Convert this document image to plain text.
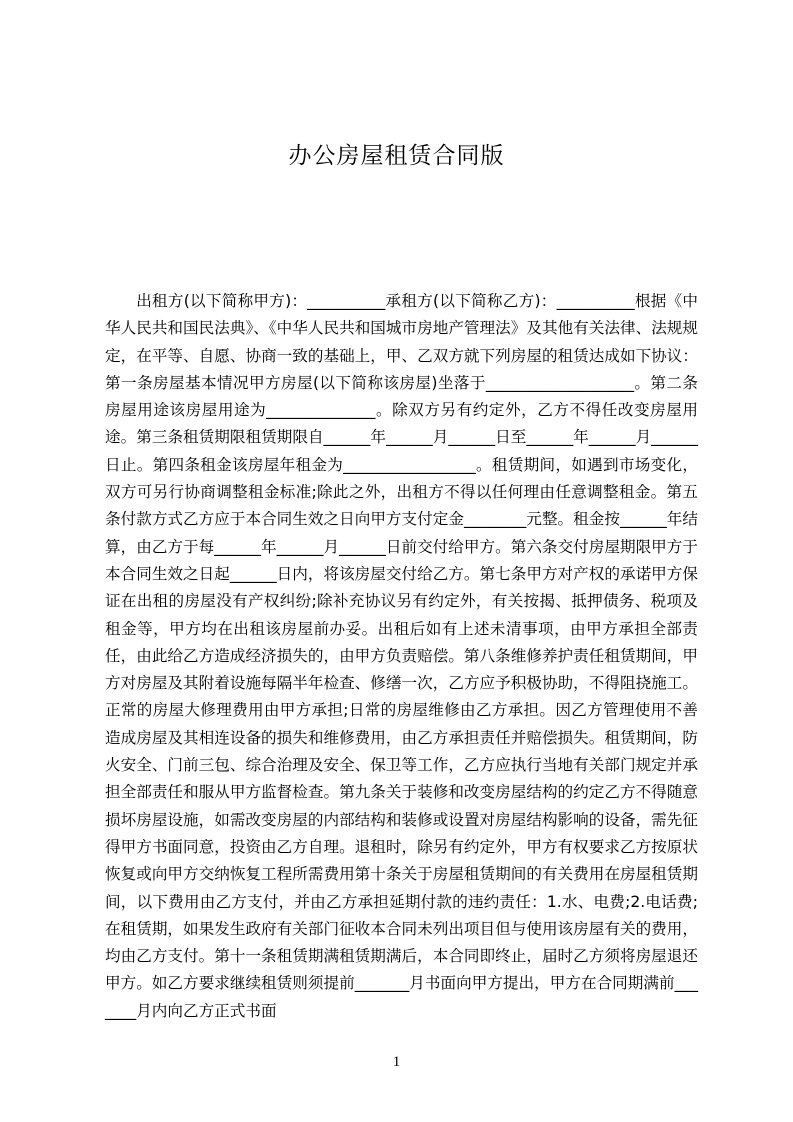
办公房屋租赁合同版

出租方(以下简称甲方)：__________承租方(以下简称乙方)：__________根据《中华人民共和国民法典》、《中华人民共和国城市房地产管理法》及其他有关法律、法规规定，在平等、自愿、协商一致的基础上，甲、乙双方就下列房屋的租赁达成如下协议：第一条房屋基本情况甲方房屋(以下简称该房屋)坐落于___________________。第二条房屋用途该房屋用途为______________。除双方另有约定外，乙方不得任改变房屋用途。第三条租赁期限租赁期限自______年______月______日至______年______月______日止。第四条租金该房屋年租金为_________________。租赁期间，如遇到市场变化，双方可另行协商调整租金标准;除此之外，出租方不得以任何理由任意调整租金。第五条付款方式乙方应于本合同生效之日向甲方支付定金________元整。租金按______年结算，由乙方于每______年______月______日前交付给甲方。第六条交付房屋期限甲方于本合同生效之日起______日内，将该房屋交付给乙方。第七条甲方对产权的承诺甲方保证在出租的房屋没有产权纠纷;除补充协议另有约定外，有关按揭、抵押债务、税项及租金等，甲方均在出租该房屋前办妥。出租后如有上述未清事项，由甲方承担全部责任，由此给乙方造成经济损失的，由甲方负责赔偿。第八条维修养护责任租赁期间，甲方对房屋及其附着设施每隔半年检查、修缮一次，乙方应予积极协助，不得阻挠施工。正常的房屋大修理费用由甲方承担;日常的房屋维修由乙方承担。因乙方管理使用不善造成房屋及其相连设备的损失和维修费用，由乙方承担责任并赔偿损失。租赁期间，防火安全、门前三包、综合治理及安全、保卫等工作，乙方应执行当地有关部门规定并承担全部责任和服从甲方监督检查。第九条关于装修和改变房屋结构的约定乙方不得随意损坏房屋设施，如需改变房屋的内部结构和装修或设置对房屋结构影响的设备，需先征得甲方书面同意，投资由乙方自理。退租时，除另有约定外，甲方有权要求乙方按原状恢复或向甲方交纳恢复工程所需费用第十条关于房屋租赁期间的有关费用在房屋租赁期间，以下费用由乙方支付，并由乙方承担延期付款的违约责任：1.水、电费;2.电话费;在租赁期，如果发生政府有关部门征收本合同未列出项目但与使用该房屋有关的费用，均由乙方支付。第十一条租赁期满租赁期满后，本合同即终止，届时乙方须将房屋退还甲方。如乙方要求继续租赁则须提前_______月书面向甲方提出，甲方在合同期满前_______月内向乙方正式书面

1
